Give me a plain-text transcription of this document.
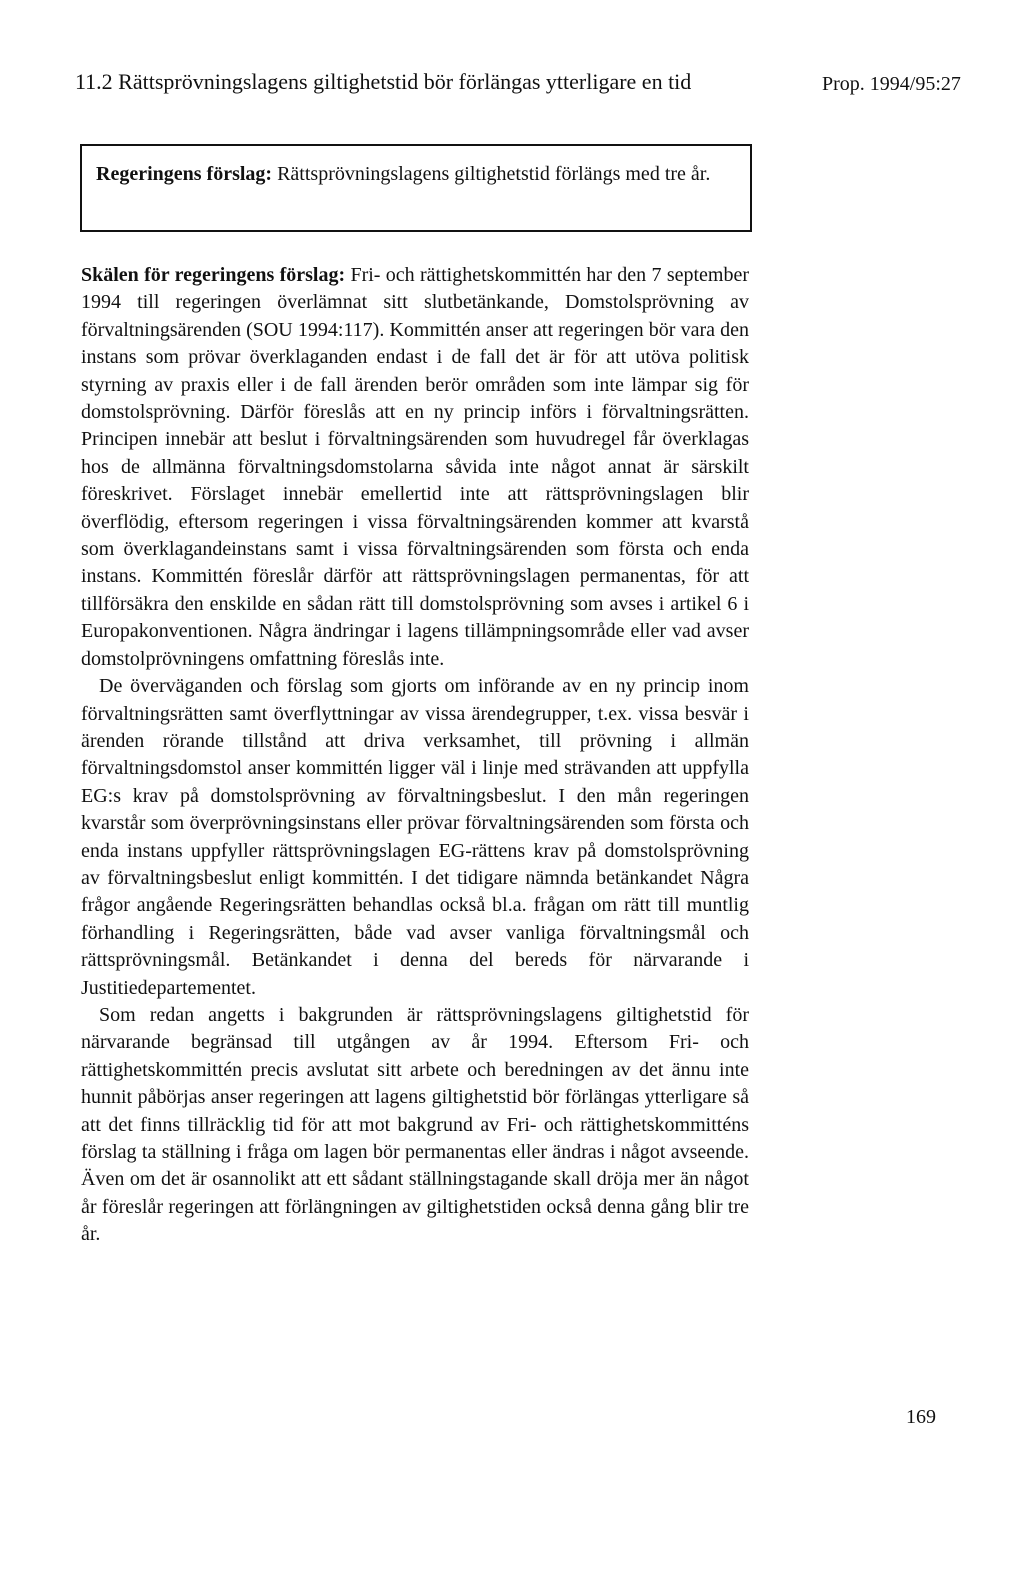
11.2 Rättsprövningslagens giltighetstid bör förlängas ytterligare en tid	Prop. 1994/95:27
Regeringens förslag: Rättsprövningslagens giltighetstid förlängs med tre år.

Skälen för regeringens förslag: Fri- och rättighetskommittén har den 7 september 1994 till regeringen överlämnat sitt slutbetänkande, Domstolsprövning av förvaltningsärenden (SOU 1994:117). Kommittén anser att regeringen bör vara den instans som prövar överklaganden endast i de fall det är för att utöva politisk styrning av praxis eller i de fall ärenden berör områden som inte lämpar sig för domstolsprövning. Därför föreslås att en ny princip införs i förvaltningsrätten. Principen innebär att beslut i förvaltningsärenden som huvudregel får överklagas hos de allmänna förvaltningsdomstolarna såvida inte något annat är särskilt föreskrivet. Förslaget innebär emellertid inte att rättsprövningslagen blir överflödig, eftersom regeringen i vissa förvaltningsärenden kommer att kvarstå som överklagandeinstans samt i vissa förvaltningsärenden som första och enda instans. Kommittén föreslår därför att rättsprövningslagen permanentas, för att tillförsäkra den enskilde en sådan rätt till domstolsprövning som avses i artikel 6 i Europakonventionen. Några ändringar i lagens tillämpningsområde eller vad avser domstolprövningens omfattning föreslås inte.

De överväganden och förslag som gjorts om införande av en ny princip inom förvaltningsrätten samt överflyttningar av vissa ärendegrupper, t.ex. vissa besvär i ärenden rörande tillstånd att driva verksamhet, till prövning i allmän förvaltningsdomstol anser kommittén ligger väl i linje med strävanden att uppfylla EG:s krav på domstolsprövning av förvaltningsbeslut. I den mån regeringen kvarstår som överprövningsinstans eller prövar förvaltningsärenden som första och enda instans uppfyller rättsprövningslagen EG-rättens krav på domstolsprövning av förvaltningsbeslut enligt kommittén. I det tidigare nämnda betänkandet Några frågor angående Regeringsrätten behandlas också bl.a. frågan om rätt till muntlig förhandling i Regeringsrätten, både vad avser vanliga förvaltningsmål och rättsprövningsmål. Betänkandet i denna del bereds för närvarande i Justitiedepartementet.

Som redan angetts i bakgrunden är rättsprövningslagens giltighetstid för närvarande begränsad till utgången av år 1994. Eftersom Fri- och rättighetskommittén precis avslutat sitt arbete och beredningen av det ännu inte hunnit påbörjas anser regeringen att lagens giltighetstid bör förlängas ytterligare så att det finns tillräcklig tid för att mot bakgrund av Fri- och rättighetskommitténs förslag ta ställning i fråga om lagen bör permanentas eller ändras i något avseende. Även om det är osannolikt att ett sådant ställningstagande skall dröja mer än något år föreslår regeringen att förlängningen av giltighetstiden också denna gång blir tre år.

169
